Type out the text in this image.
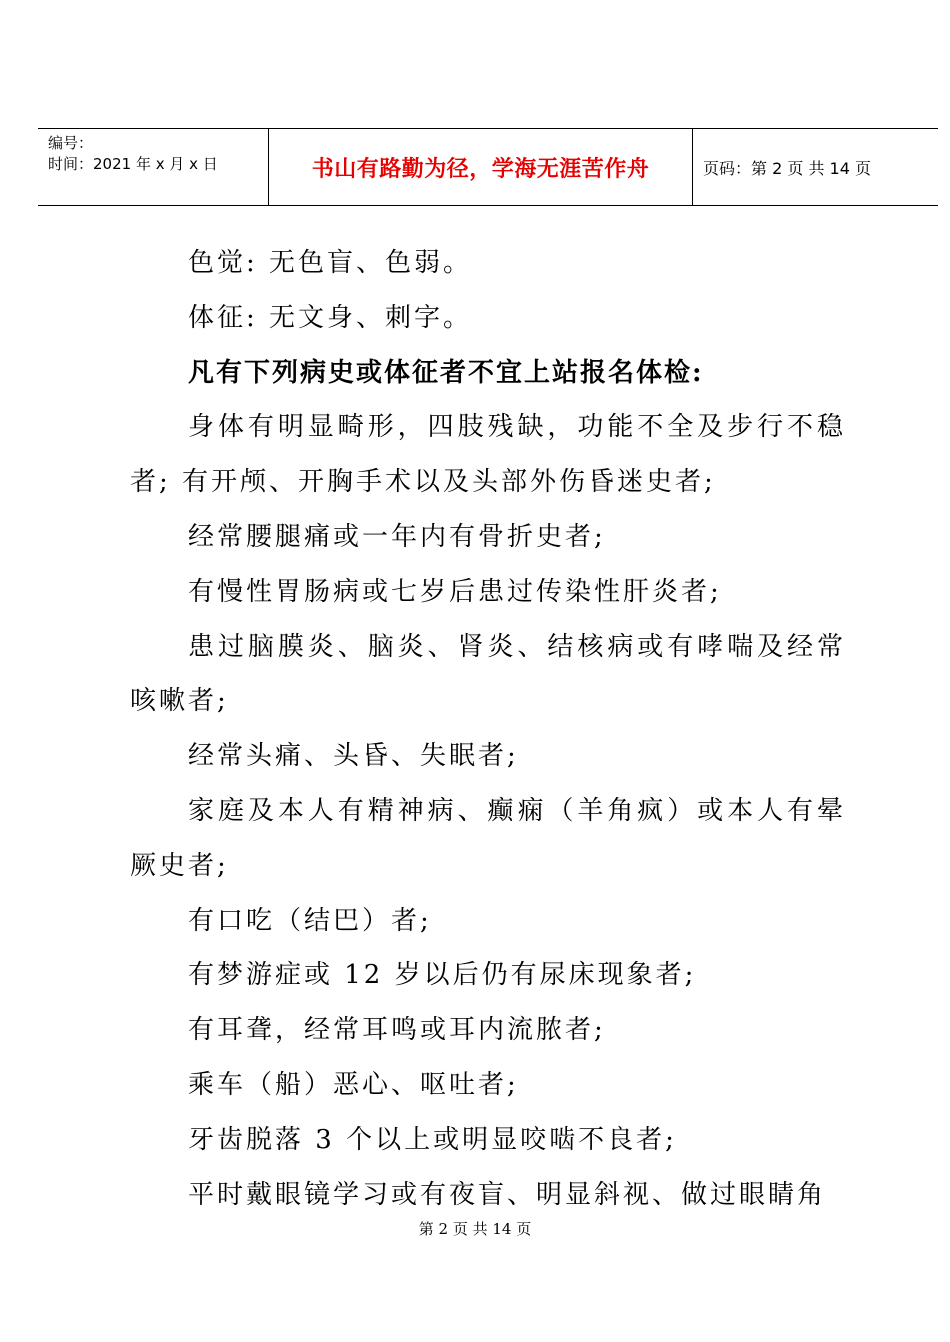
编号：
时间：2021 年 x 月 x 日	书山有路勤为径，学海无涯苦作舟	页码：第 2 页 共 14 页

色觉: 无色盲、色弱。

体征: 无文身、刺字。

凡有下列病史或体征者不宜上站报名体检:

身体有明显畸形，四肢残缺，功能不全及步行不稳者; 有开颅、开胸手术以及头部外伤昏迷史者;

经常腰腿痛或一年内有骨折史者;

有慢性胃肠病或七岁后患过传染性肝炎者;

患过脑膜炎、脑炎、肾炎、结核病或有哮喘及经常咳嗽者;

经常头痛、头昏、失眠者;

家庭及本人有精神病、癫痫（羊角疯）或本人有晕厥史者;

有口吃（结巴）者;

有梦游症或 12 岁以后仍有尿床现象者;

有耳聋，经常耳鸣或耳内流脓者;

乘车（船）恶心、呕吐者;

牙齿脱落 3 个以上或明显咬啮不良者;

平时戴眼镜学习或有夜盲、明显斜视、做过眼睛角

第 2 页 共 14 页
